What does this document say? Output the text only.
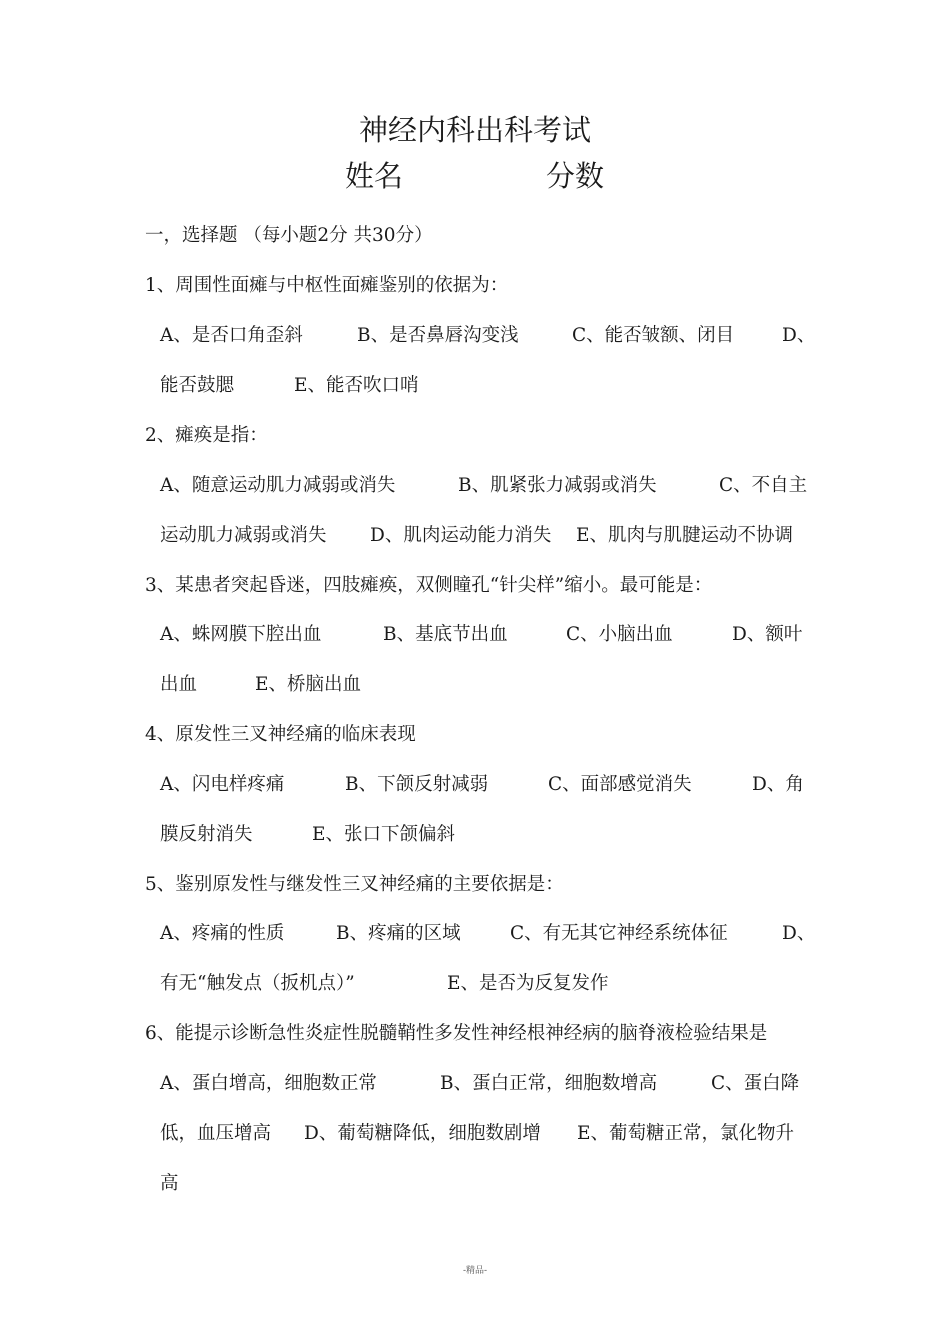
神经内科出科考试
姓名	分数
一，选择题 （每小题2分 共30分）
1、周围性面瘫与中枢性面瘫鉴别的依据为：
A、是否口角歪斜	B、是否鼻唇沟变浅	C、能否皱额、闭目	D、
能否鼓腮	E、能否吹口哨
2、瘫痪是指：
A、随意运动肌力减弱或消失	B、肌紧张力减弱或消失	C、不自主
运动肌力减弱或消失 D、肌肉运动能力消失 E、肌肉与肌腱运动不协调
3、某患者突起昏迷，四肢瘫痪，双侧瞳孔“针尖样”缩小。最可能是：
A、蛛网膜下腔出血	B、基底节出血	C、小脑出血	D、额叶
出血	E、桥脑出血
4、原发性三叉神经痛的临床表现
A、闪电样疼痛	B、下颌反射减弱	C、面部感觉消失	D、角
膜反射消失	E、张口下颌偏斜
5、鉴别原发性与继发性三叉神经痛的主要依据是：
A、疼痛的性质	B、疼痛的区域	C、有无其它神经系统体征	D、
有无“触发点（扳机点）”	E、是否为反复发作
6、能提示诊断急性炎症性脱髓鞘性多发性神经根神经病的脑脊液检验结果是
A、蛋白增高，细胞数正常	B、蛋白正常，细胞数增高	C、蛋白降
低，血压增高 D、葡萄糖降低，细胞数剧增 E、葡萄糖正常，氯化物升
高
-精品-
